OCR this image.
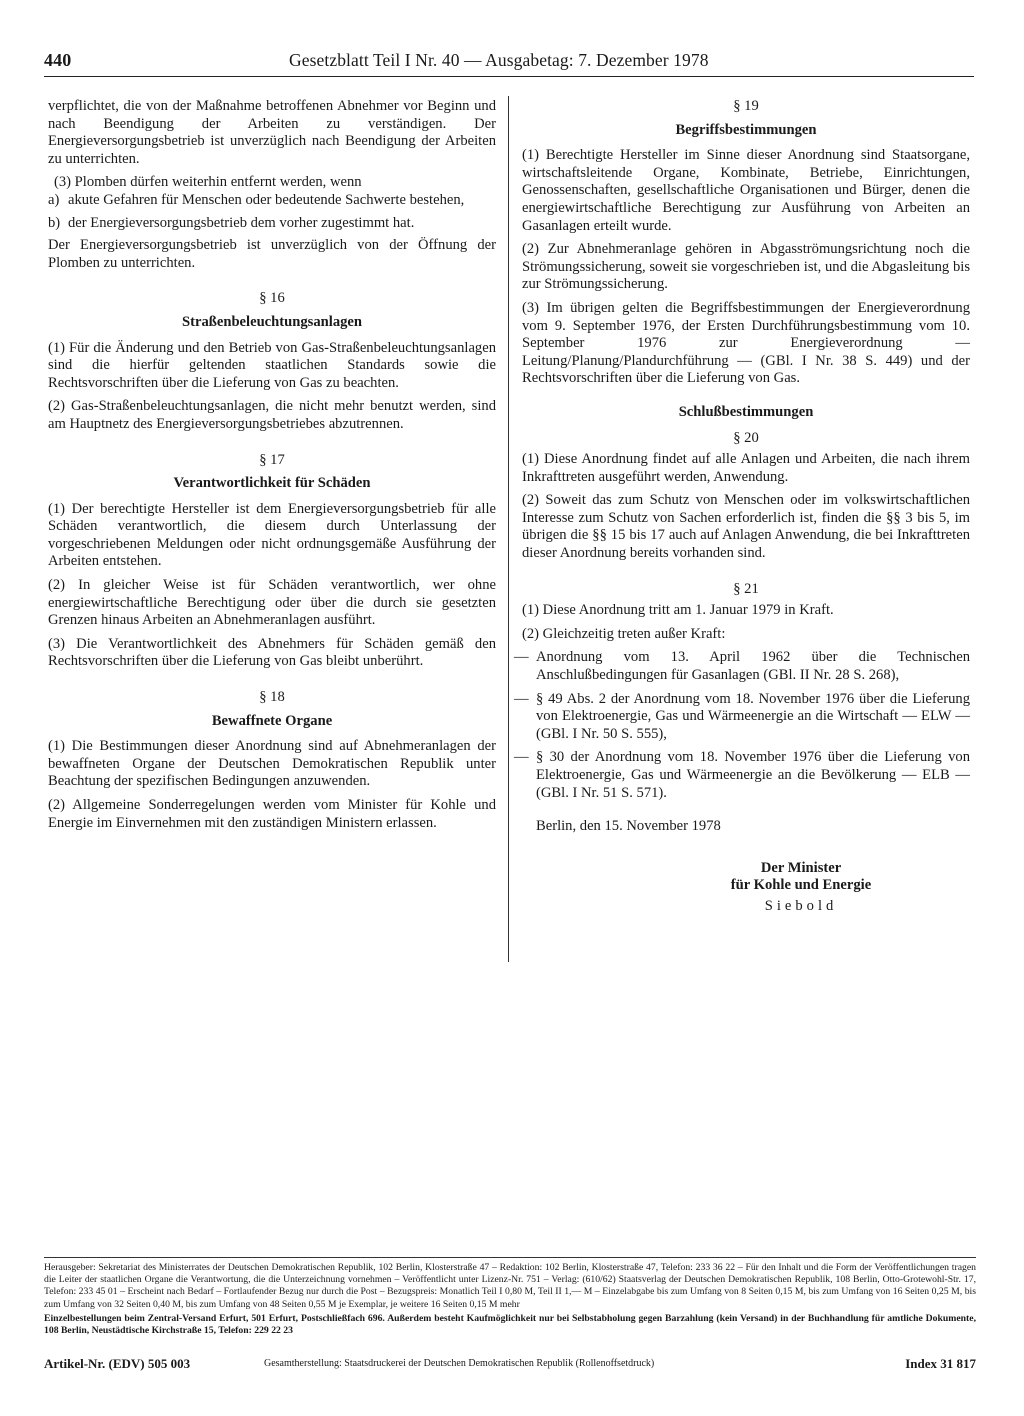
440	Gesetzblatt Teil I Nr. 40 — Ausgabetag: 7. Dezember 1978

verpflichtet, die von der Maßnahme betroffenen Abnehmer vor Beginn und nach Beendigung der Arbeiten zu verständigen. Der Energieversorgungsbetrieb ist unverzüglich nach Beendigung der Arbeiten zu unterrichten.

(3) Plomben dürfen weiterhin entfernt werden, wenn

a) akute Gefahren für Menschen oder bedeutende Sachwerte bestehen,
b) der Energieversorgungsbetrieb dem vorher zugestimmt hat.

Der Energieversorgungsbetrieb ist unverzüglich von der Öffnung der Plomben zu unterrichten.

§ 16
Straßenbeleuchtungsanlagen

(1) Für die Änderung und den Betrieb von Gas-Straßenbeleuchtungsanlagen sind die hierfür geltenden staatlichen Standards sowie die Rechtsvorschriften über die Lieferung von Gas zu beachten.

(2) Gas-Straßenbeleuchtungsanlagen, die nicht mehr benutzt werden, sind am Hauptnetz des Energieversorgungsbetriebes abzutrennen.

§ 17
Verantwortlichkeit für Schäden

(1) Der berechtigte Hersteller ist dem Energieversorgungsbetrieb für alle Schäden verantwortlich, die diesem durch Unterlassung der vorgeschriebenen Meldungen oder nicht ordnungsgemäße Ausführung der Arbeiten entstehen.

(2) In gleicher Weise ist für Schäden verantwortlich, wer ohne energiewirtschaftliche Berechtigung oder über die durch sie gesetzten Grenzen hinaus Arbeiten an Abnehmeranlagen ausführt.

(3) Die Verantwortlichkeit des Abnehmers für Schäden gemäß den Rechtsvorschriften über die Lieferung von Gas bleibt unberührt.

§ 18
Bewaffnete Organe

(1) Die Bestimmungen dieser Anordnung sind auf Abnehmeranlagen der bewaffneten Organe der Deutschen Demokratischen Republik unter Beachtung der spezifischen Bedingungen anzuwenden.

(2) Allgemeine Sonderregelungen werden vom Minister für Kohle und Energie im Einvernehmen mit den zuständigen Ministern erlassen.

§ 19
Begriffsbestimmungen

(1) Berechtigte Hersteller im Sinne dieser Anordnung sind Staatsorgane, wirtschaftsleitende Organe, Kombinate, Betriebe, Einrichtungen, Genossenschaften, gesellschaftliche Organisationen und Bürger, denen die energiewirtschaftliche Berechtigung zur Ausführung von Arbeiten an Gasanlagen erteilt wurde.

(2) Zur Abnehmeranlage gehören in Abgasströmungsrichtung noch die Strömungssicherung, soweit sie vorgeschrieben ist, und die Abgasleitung bis zur Strömungssicherung.

(3) Im übrigen gelten die Begriffsbestimmungen der Energieverordnung vom 9. September 1976, der Ersten Durchführungsbestimmung vom 10. September 1976 zur Energieverordnung — Leitung/Planung/Plandurchführung — (GBl. I Nr. 38 S. 449) und der Rechtsvorschriften über die Lieferung von Gas.

Schlußbestimmungen
§ 20

(1) Diese Anordnung findet auf alle Anlagen und Arbeiten, die nach ihrem Inkrafttreten ausgeführt werden, Anwendung.

(2) Soweit das zum Schutz von Menschen oder im volkswirtschaftlichen Interesse zum Schutz von Sachen erforderlich ist, finden die §§ 3 bis 5, im übrigen die §§ 15 bis 17 auch auf Anlagen Anwendung, die bei Inkrafttreten dieser Anordnung bereits vorhanden sind.

§ 21

(1) Diese Anordnung tritt am 1. Januar 1979 in Kraft.

(2) Gleichzeitig treten außer Kraft:

— Anordnung vom 13. April 1962 über die Technischen Anschlußbedingungen für Gasanlagen (GBl. II Nr. 28 S. 268),
— § 49 Abs. 2 der Anordnung vom 18. November 1976 über die Lieferung von Elektroenergie, Gas und Wärmeenergie an die Wirtschaft — ELW — (GBl. I Nr. 50 S. 555),
— § 30 der Anordnung vom 18. November 1976 über die Lieferung von Elektroenergie, Gas und Wärmeenergie an die Bevölkerung — ELB — (GBl. I Nr. 51 S. 571).
Berlin, den 15. November 1978
Der Minister
für Kohle und Energie
Siebold
Herausgeber: Sekretariat des Ministerrates der Deutschen Demokratischen Republik, 102 Berlin, Klosterstraße 47 – Redaktion: 102 Berlin, Klosterstraße 47, Telefon: 233 36 22 – Für den Inhalt und die Form der Veröffentlichungen tragen die Leiter der staatlichen Organe die Verantwortung, die die Unterzeichnung vornehmen – Veröffentlicht unter Lizenz-Nr. 751 – Verlag: (610/62) Staatsverlag der Deutschen Demokratischen Republik, 108 Berlin, Otto-Grotewohl-Str. 17, Telefon: 233 45 01 – Erscheint nach Bedarf – Fortlaufender Bezug nur durch die Post – Bezugspreis: Monatlich Teil I 0,80 M, Teil II 1,— M – Einzelabgabe bis zum Umfang von 8 Seiten 0,15 M, bis zum Umfang von 16 Seiten 0,25 M, bis zum Umfang von 32 Seiten 0,40 M, bis zum Umfang von 48 Seiten 0,55 M je Exemplar, je weitere 16 Seiten 0,15 M mehr
Einzelbestellungen beim Zentral-Versand Erfurt, 501 Erfurt, Postschließfach 696. Außerdem besteht Kaufmöglichkeit nur bei Selbstabholung gegen Barzahlung (kein Versand) in der Buchhandlung für amtliche Dokumente, 108 Berlin, Neustädtische Kirchstraße 15, Telefon: 229 22 23
Artikel-Nr. (EDV) 505 003	Gesamtherstellung: Staatsdruckerei der Deutschen Demokratischen Republik (Rollenoffsetdruck)	Index 31 817
